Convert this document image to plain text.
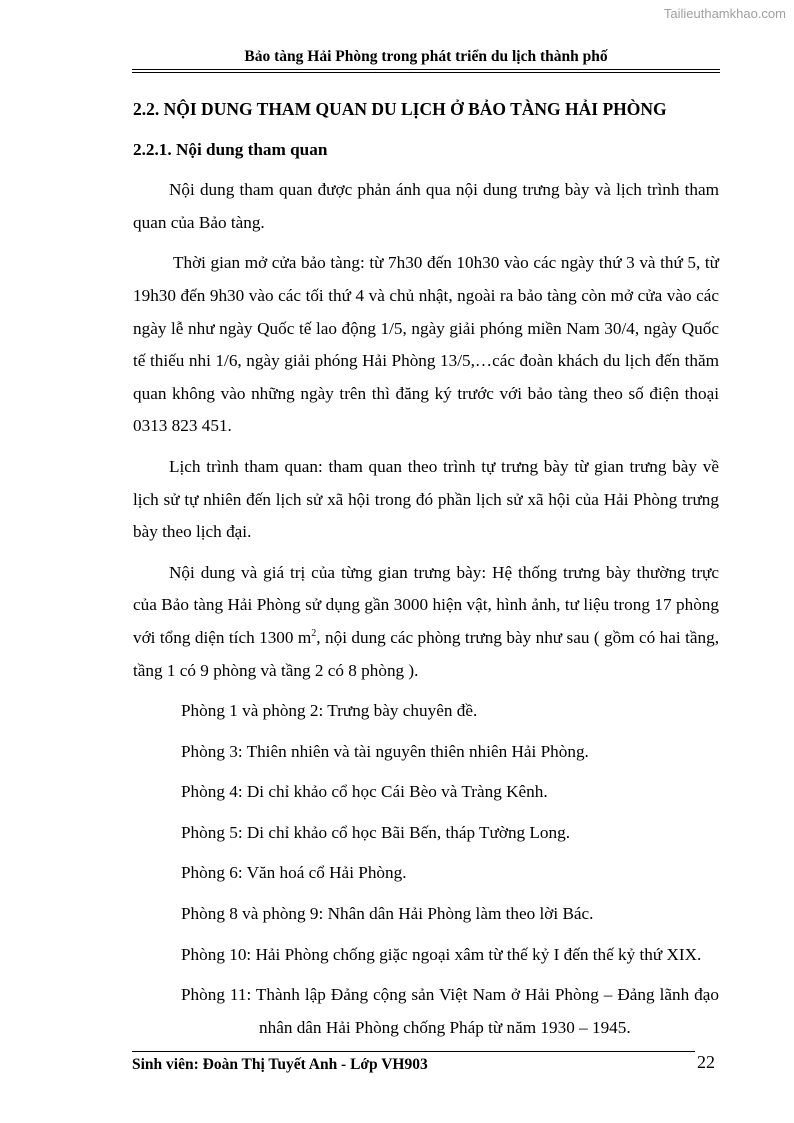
Tailieuthamkhao.com
Bảo tàng Hải Phòng trong phát triển du lịch thành phố

2.2. NỘI DUNG THAM QUAN DU LỊCH Ở BẢO TÀNG HẢI PHÒNG

2.2.1. Nội dung tham quan

Nội dung tham quan được phản ánh qua nội dung trưng bày và lịch trình tham quan của Bảo tàng.

Thời gian mở cửa bảo tàng: từ 7h30 đến 10h30 vào các ngày thứ 3 và thứ 5, từ 19h30 đến 9h30 vào các tối thứ 4 và chủ nhật, ngoài ra bảo tàng còn mở cửa vào các ngày lễ như ngày Quốc tế lao động 1/5, ngày giải phóng miền Nam 30/4, ngày Quốc tế thiếu nhi 1/6, ngày giải phóng Hải Phòng 13/5,…các đoàn khách du lịch đến thăm quan không vào những ngày trên thì đăng ký trước với bảo tàng theo số điện thoại 0313 823 451.

Lịch trình tham quan: tham quan theo trình tự trưng bày từ gian trưng bày về lịch sử tự nhiên đến lịch sử xã hội trong đó phần lịch sử xã hội của Hải Phòng trưng bày theo lịch đại.

Nội dung và giá trị của từng gian trưng bày: Hệ thống trưng bày thường trực của Bảo tàng Hải Phòng sử dụng gần 3000 hiện vật, hình ảnh, tư liệu trong 17 phòng với tổng diện tích 1300 $m^2$, nội dung các phòng trưng bày như sau ( gồm có hai tầng, tầng 1 có 9 phòng và tầng 2 có 8 phòng ).

Phòng 1 và phòng 2: Trưng bày chuyên đề.

Phòng 3: Thiên nhiên và tài nguyên thiên nhiên Hải Phòng.

Phòng 4: Di chỉ khảo cổ học Cái Bèo và Tràng Kênh.

Phòng 5: Di chỉ khảo cổ học Bãi Bến, tháp Tường Long.

Phòng 6: Văn hoá cổ Hải Phòng.

Phòng 8 và phòng 9: Nhân dân Hải Phòng làm theo lời Bác.

Phòng 10: Hải Phòng chống giặc ngoại xâm từ thế kỷ I đến thế kỷ thứ XIX.

Phòng 11: Thành lập Đảng cộng sản Việt Nam ở Hải Phòng – Đảng lãnh đạo nhân dân Hải Phòng chống Pháp từ năm 1930 – 1945.

Sinh viên: Đoàn Thị Tuyết Anh - Lớp VH903	22
